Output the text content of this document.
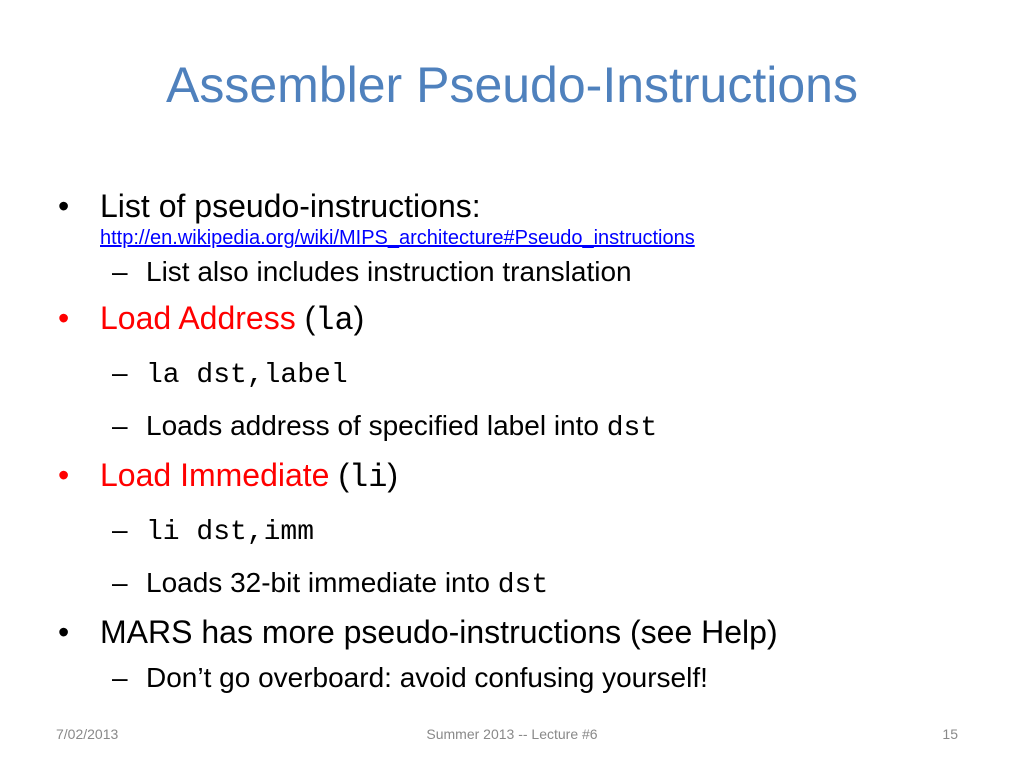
Assembler Pseudo-Instructions
• List of pseudo-instructions:
http://en.wikipedia.org/wiki/MIPS_architecture#Pseudo_instructions
– List also includes instruction translation
• Load Address (la)
– la dst,label
– Loads address of specified label into dst
• Load Immediate (li)
– li dst,imm
– Loads 32-bit immediate into dst
• MARS has more pseudo-instructions (see Help)
– Don’t go overboard: avoid confusing yourself!
7/02/2013	Summer 2013 -- Lecture #6	15
